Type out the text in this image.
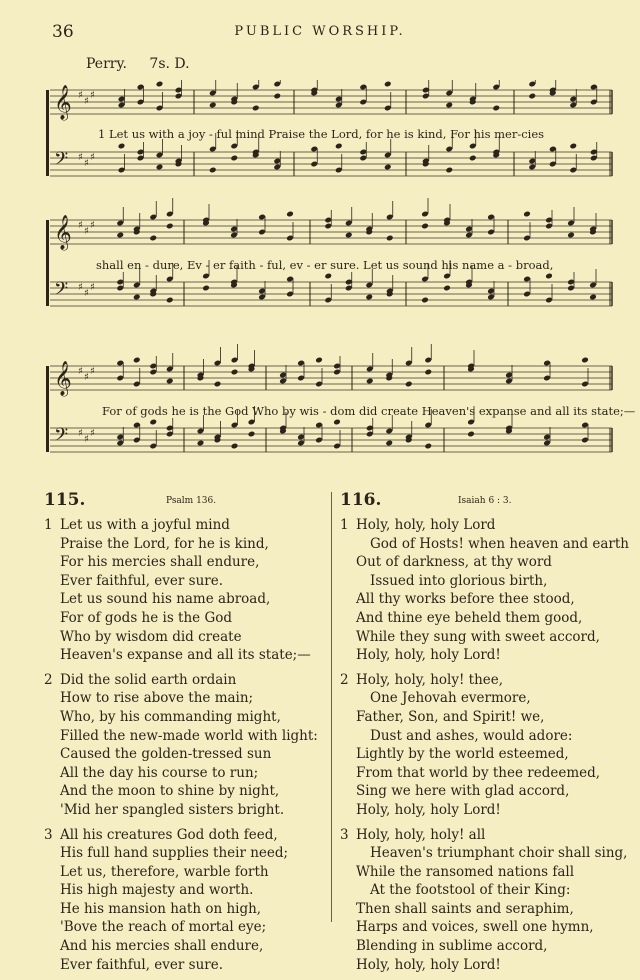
36	PUBLIC WORSHIP.
Perry. 7s. D.
𝄞 ♯
♯
♯
𝄢 ♯
♯
♯
𝄞 ♯
♯
♯
𝄢 ♯
♯
♯
𝄞 ♯
♯
♯
𝄢 ♯
♯
♯
1 Let us with a joy - ful mind Praise the Lord, for he is kind, For his mer-cies
shall en - dure, Ev - er faith - ful, ev - er sure. Let us sound his name a - broad,
For of gods he is the God Who by wis - dom did create Heaven's expanse and all its state;—
115.	Psalm 136.
1 Let us with a joyful mind
Praise the Lord, for he is kind,
For his mercies shall endure,
Ever faithful, ever sure.
Let us sound his name abroad,
For of gods he is the God
Who by wisdom did create
Heaven's expanse and all its state;—
2 Did the solid earth ordain
How to rise above the main;
Who, by his commanding might,
Filled the new-made world with light:
Caused the golden-tressed sun
All the day his course to run;
And the moon to shine by night,
'Mid her spangled sisters bright.
3 All his creatures God doth feed,
His full hand supplies their need;
Let us, therefore, warble forth
His high majesty and worth.
He his mansion hath on high,
'Bove the reach of mortal eye;
And his mercies shall endure,
Ever faithful, ever sure.
116.	Isaiah 6 : 3.
1 Holy, holy, holy Lord
God of Hosts! when heaven and earth
Out of darkness, at thy word
Issued into glorious birth,
All thy works before thee stood,
And thine eye beheld them good,
While they sung with sweet accord,
Holy, holy, holy Lord!
2 Holy, holy, holy! thee,
One Jehovah evermore,
Father, Son, and Spirit! we,
Dust and ashes, would adore:
Lightly by the world esteemed,
From that world by thee redeemed,
Sing we here with glad accord,
Holy, holy, holy Lord!
3 Holy, holy, holy! all
Heaven's triumphant choir shall sing,
While the ransomed nations fall
At the footstool of their King:
Then shall saints and seraphim,
Harps and voices, swell one hymn,
Blending in sublime accord,
Holy, holy, holy Lord!
